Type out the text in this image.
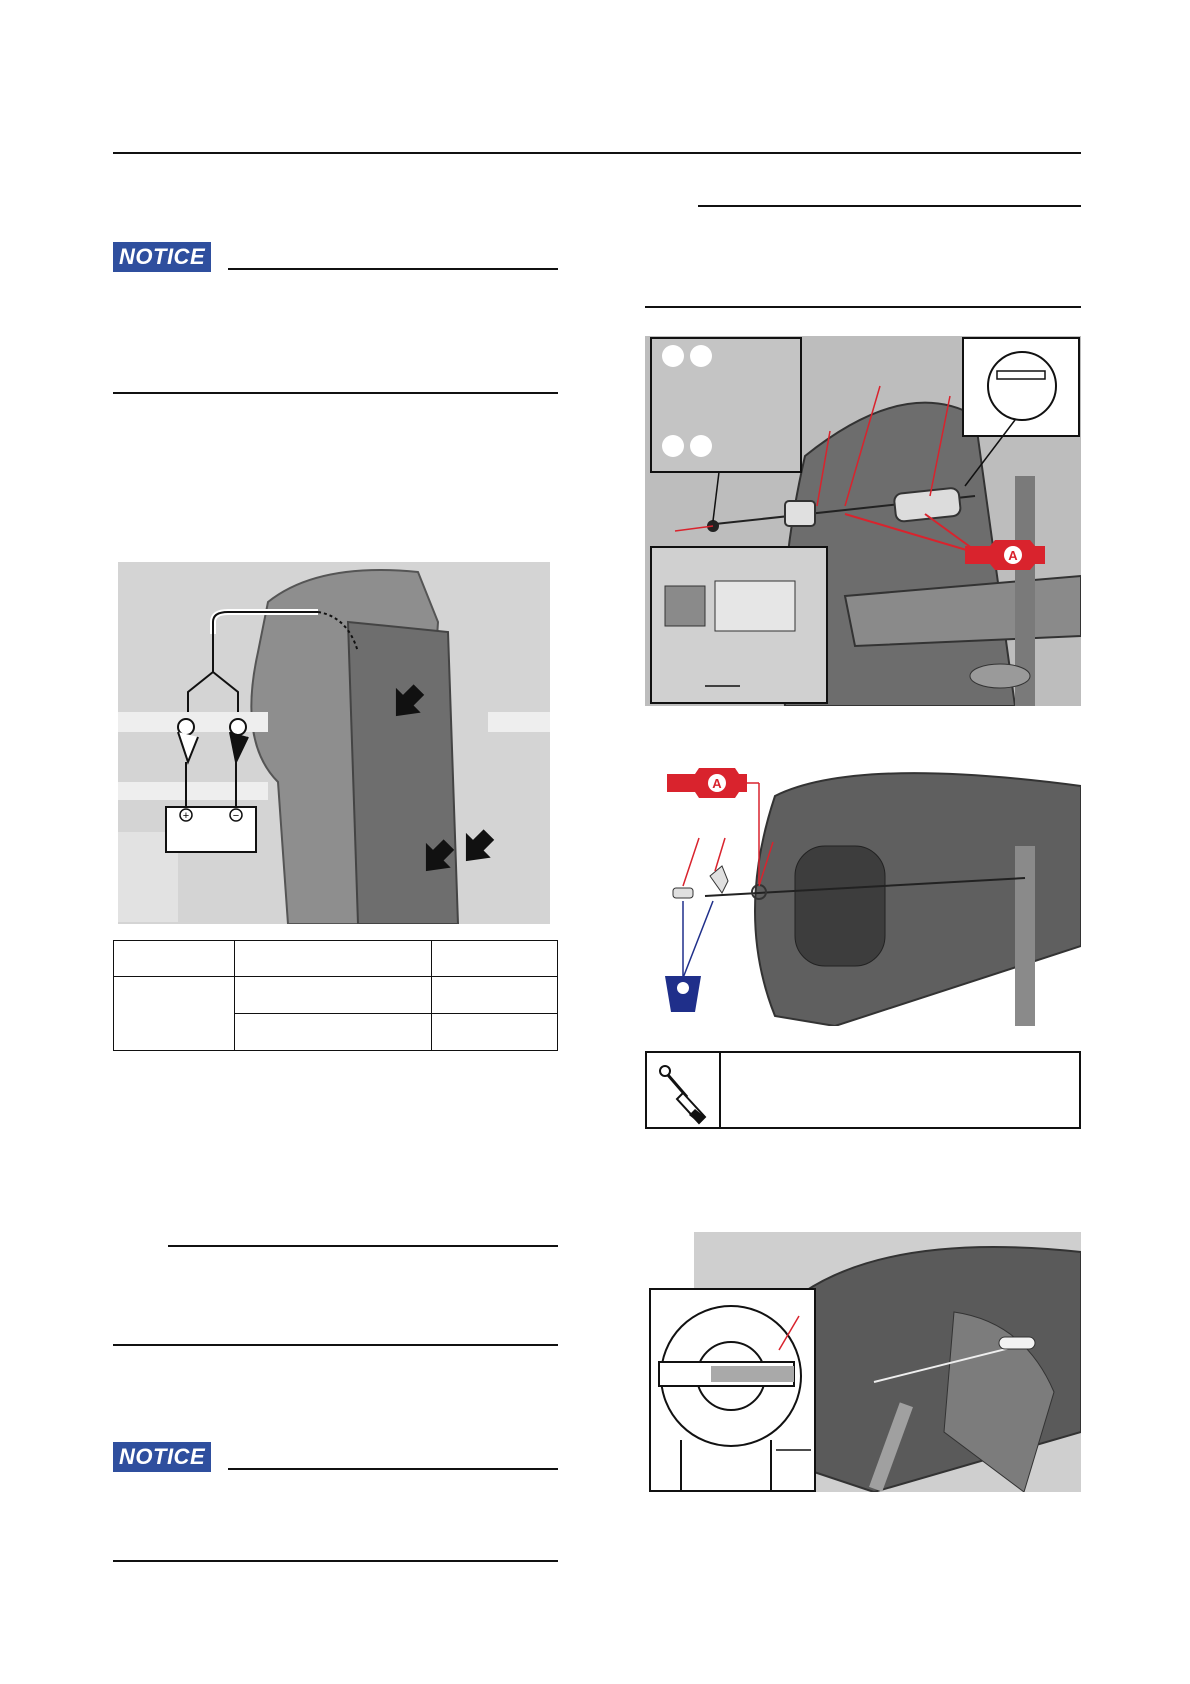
NOTICE
+	−

NOTICE
A
A
